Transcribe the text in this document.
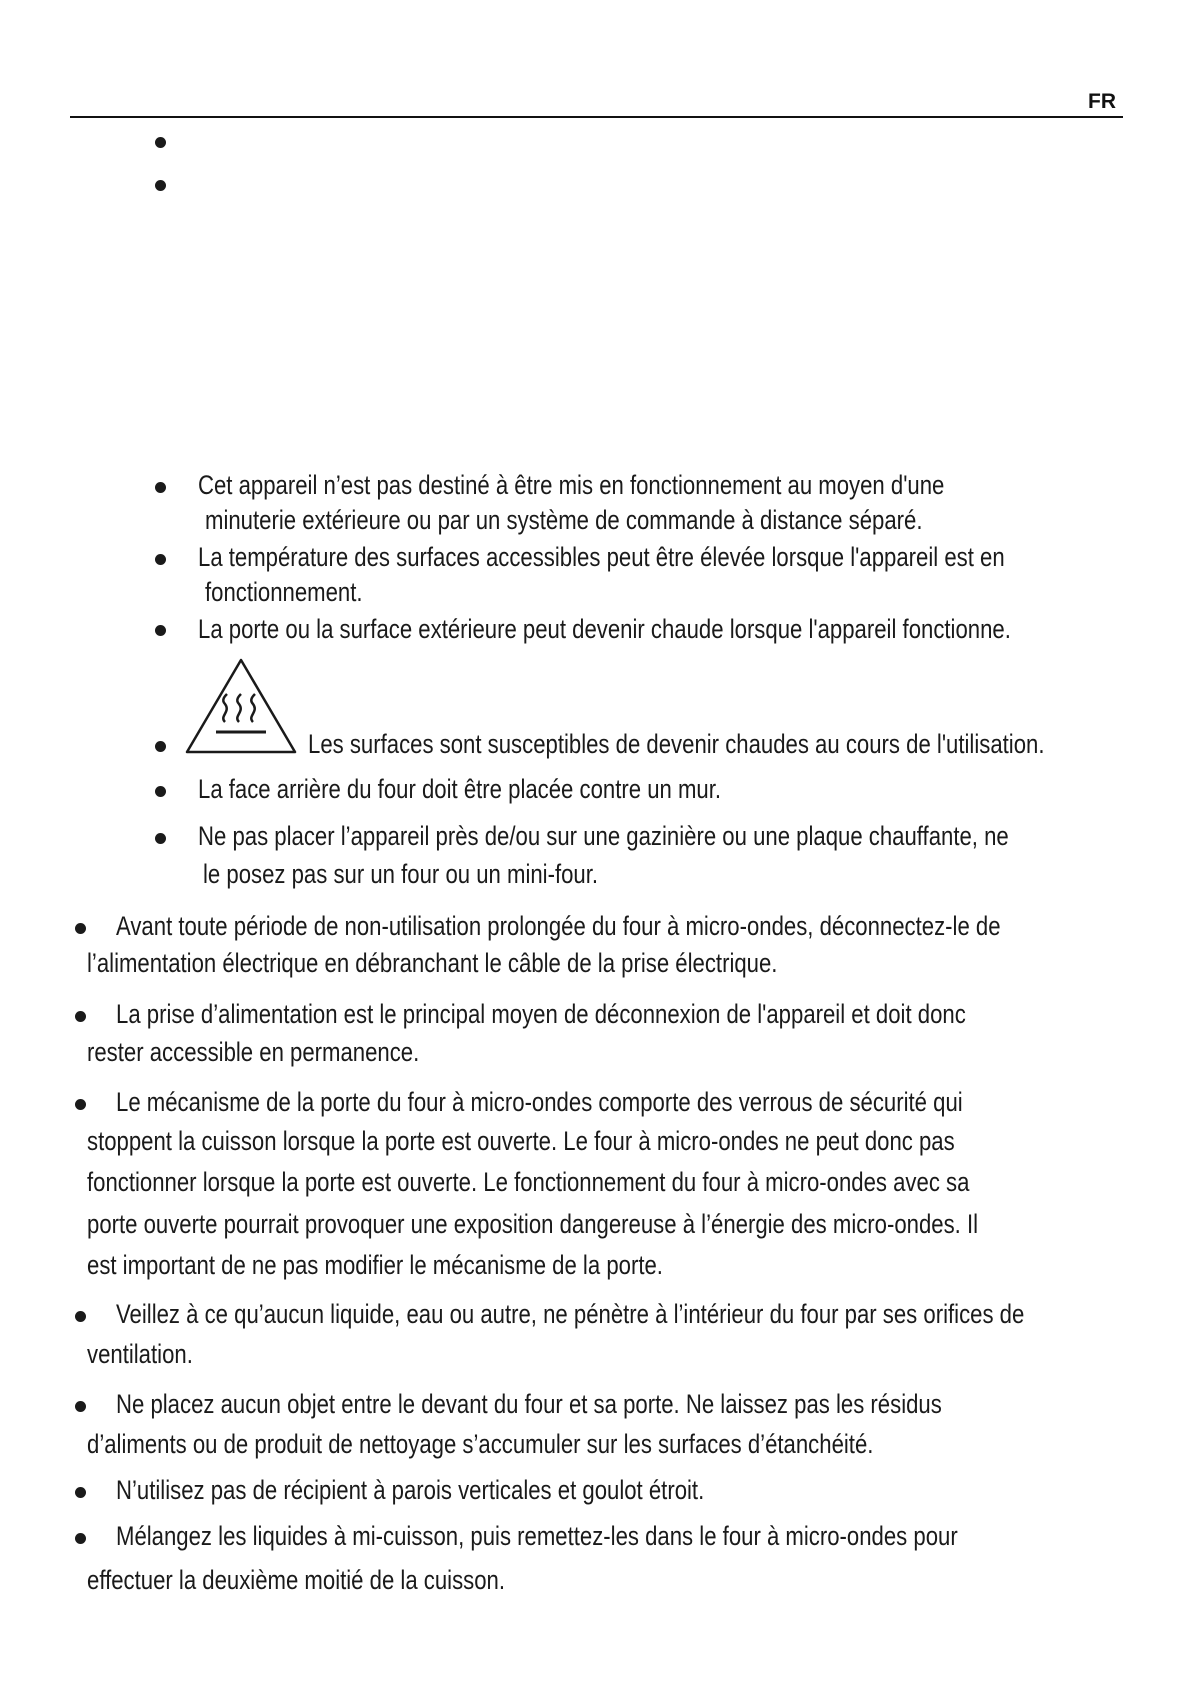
FR
Cet appareil n’est pas destiné à être mis en fonctionnement au moyen d'une
minuterie extérieure ou par un système de commande à distance séparé.
La température des surfaces accessibles peut être élevée lorsque l'appareil est en
fonctionnement.
La porte ou la surface extérieure peut devenir chaude lorsque l'appareil fonctionne.
Les surfaces sont susceptibles de devenir chaudes au cours de l'utilisation.
La face arrière du four doit être placée contre un mur.
Ne pas placer l’appareil près de/ou sur une gazinière ou une plaque chauffante, ne
le posez pas sur un four ou un mini-four.
Avant toute période de non-utilisation prolongée du four à micro-ondes, déconnectez-le de
l’alimentation électrique en débranchant le câble de la prise électrique.
La prise d’alimentation est le principal moyen de déconnexion de l'appareil et doit donc
rester accessible en permanence.
Le mécanisme de la porte du four à micro-ondes comporte des verrous de sécurité qui
stoppent la cuisson lorsque la porte est ouverte. Le four à micro-ondes ne peut donc pas
fonctionner lorsque la porte est ouverte. Le fonctionnement du four à micro-ondes avec sa
porte ouverte pourrait provoquer une exposition dangereuse à l’énergie des micro-ondes. Il
est important de ne pas modifier le mécanisme de la porte.
Veillez à ce qu’aucun liquide, eau ou autre, ne pénètre à l’intérieur du four par ses orifices de
ventilation.
Ne placez aucun objet entre le devant du four et sa porte. Ne laissez pas les résidus
d’aliments ou de produit de nettoyage s’accumuler sur les surfaces d’étanchéité.
N’utilisez pas de récipient à parois verticales et goulot étroit.
Mélangez les liquides à mi-cuisson, puis remettez-les dans le four à micro-ondes pour
effectuer la deuxième moitié de la cuisson.
